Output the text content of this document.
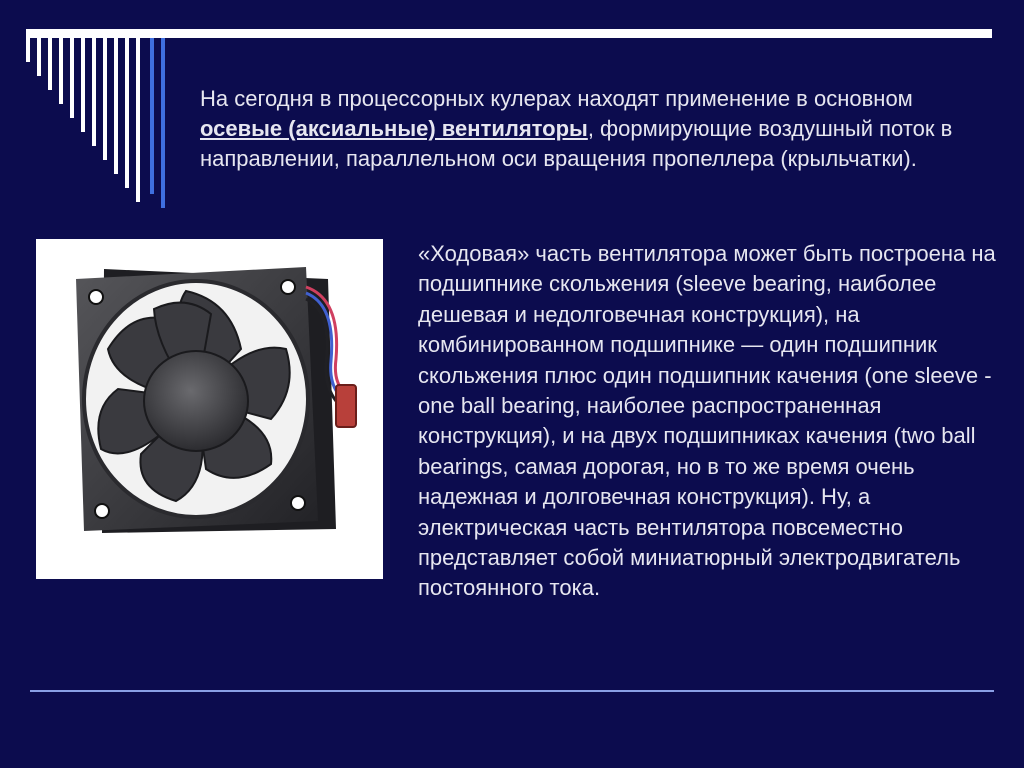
На сегодня в процессорных кулерах находят применение в основном осевые (аксиальные) вентиляторы, формирующие воздушный поток в направлении, параллельном оси вращения пропеллера (крыльчатки).
«Ходовая» часть вентилятора может быть построена на подшипнике скольжения (sleeve bearing, наиболее дешевая и недолговечная конструкция), на комбинированном подшипнике — один подшипник скольжения плюс один подшипник качения (one sleeve - one ball bearing, наиболее распространенная конструкция), и на двух подшипниках качения (two ball bearings, самая дорогая, но в то же время очень надежная и долговечная конструкция). Ну, а электрическая часть вентилятора повсеместно представляет собой миниатюрный электродвигатель постоянного тока.
